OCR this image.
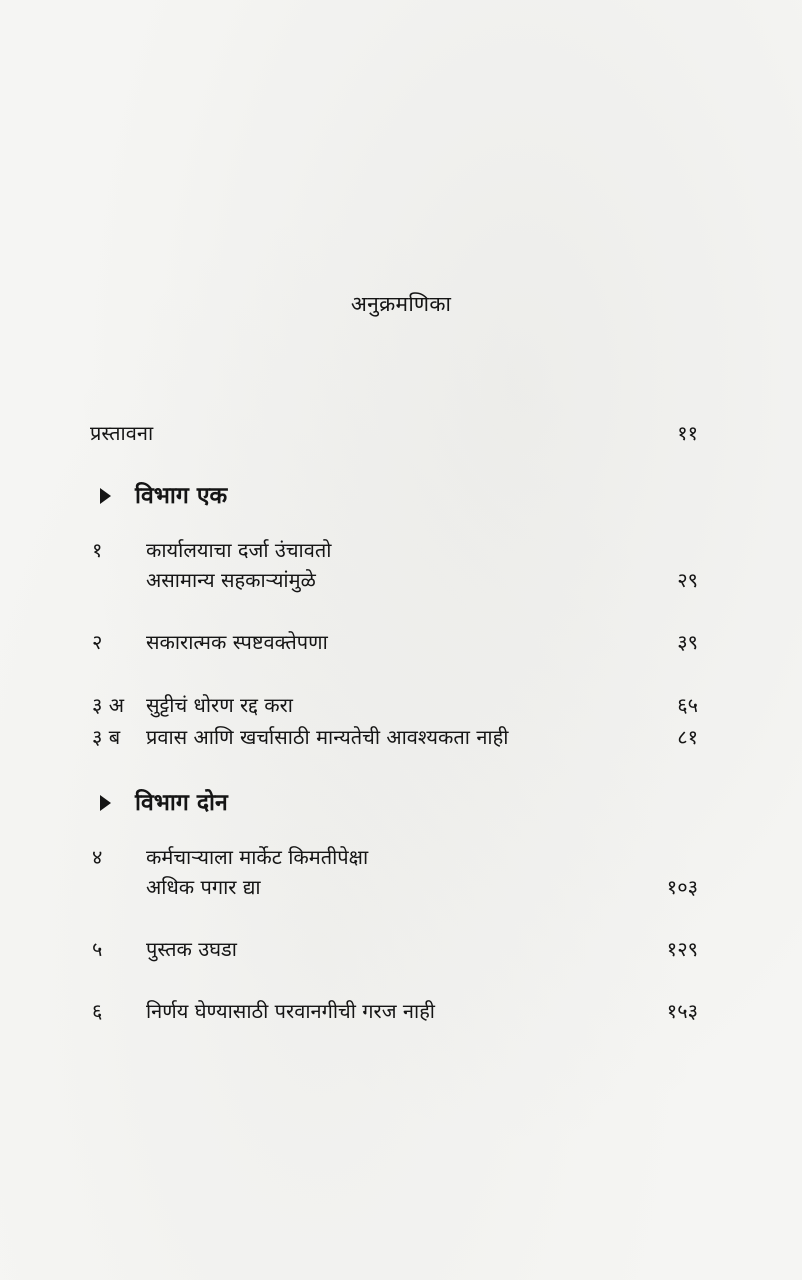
अनुक्रमणिका
प्रस्तावना	११
विभाग एक
१ कार्यालयाचा दर्जा उंचावतो
असामान्य सहकाऱ्यांमुळे	२९
२ सकारात्मक स्पष्टवक्तेपणा	३९
३ अ सुट्टीचं धोरण रद्द करा	६५
३ ब प्रवास आणि खर्चासाठी मान्यतेची आवश्यकता नाही	८१
विभाग दोन
४ कर्मचाऱ्याला मार्केट किमतीपेक्षा
अधिक पगार द्या	१०३
५ पुस्तक उघडा	१२९
६ निर्णय घेण्यासाठी परवानगीची गरज नाही	१५३
